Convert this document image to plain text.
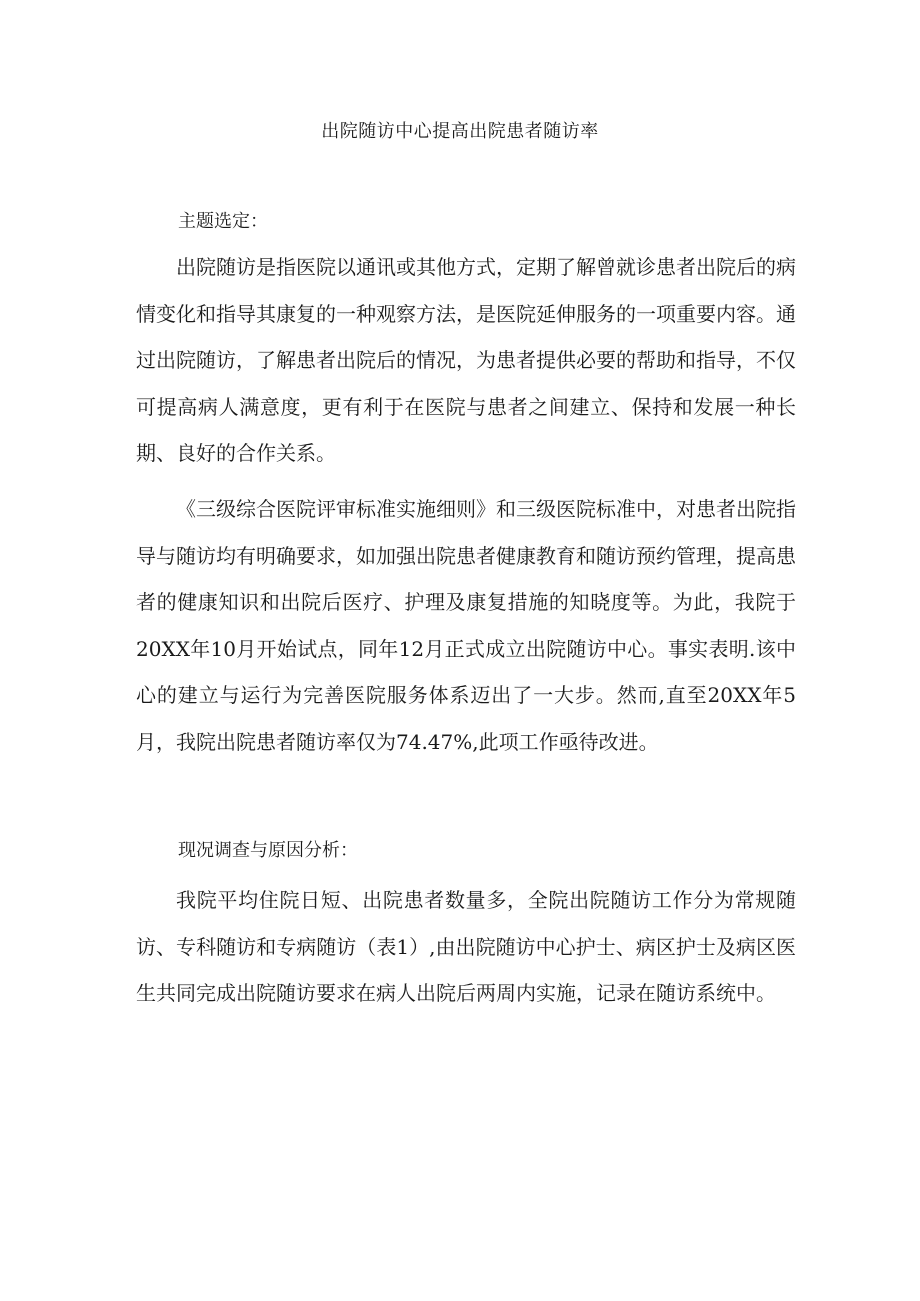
出院随访中心提高出院患者随访率
主题选定：

出院随访是指医院以通讯或其他方式，定期了解曾就诊患者出院后的病情变化和指导其康复的一种观察方法，是医院延伸服务的一项重要内容。通过出院随访，了解患者出院后的情况，为患者提供必要的帮助和指导，不仅可提高病人满意度，更有利于在医院与患者之间建立、保持和发展一种长期、良好的合作关系。

《三级综合医院评审标准实施细则》和三级医院标准中，对患者出院指导与随访均有明确要求，如加强出院患者健康教育和随访预约管理，提高患者的健康知识和出院后医疗、护理及康复措施的知晓度等。为此，我院于20XX年10月开始试点，同年12月正式成立出院随访中心。事实表明.该中心的建立与运行为完善医院服务体系迈出了一大步。然而,直至20XX年5月，我院出院患者随访率仅为74.47%,此项工作亟待改进。

现况调查与原因分析：

我院平均住院日短、出院患者数量多，全院出院随访工作分为常规随访、专科随访和专病随访（表1）,由出院随访中心护士、病区护士及病区医生共同完成出院随访要求在病人出院后两周内实施，记录在随访系统中。
